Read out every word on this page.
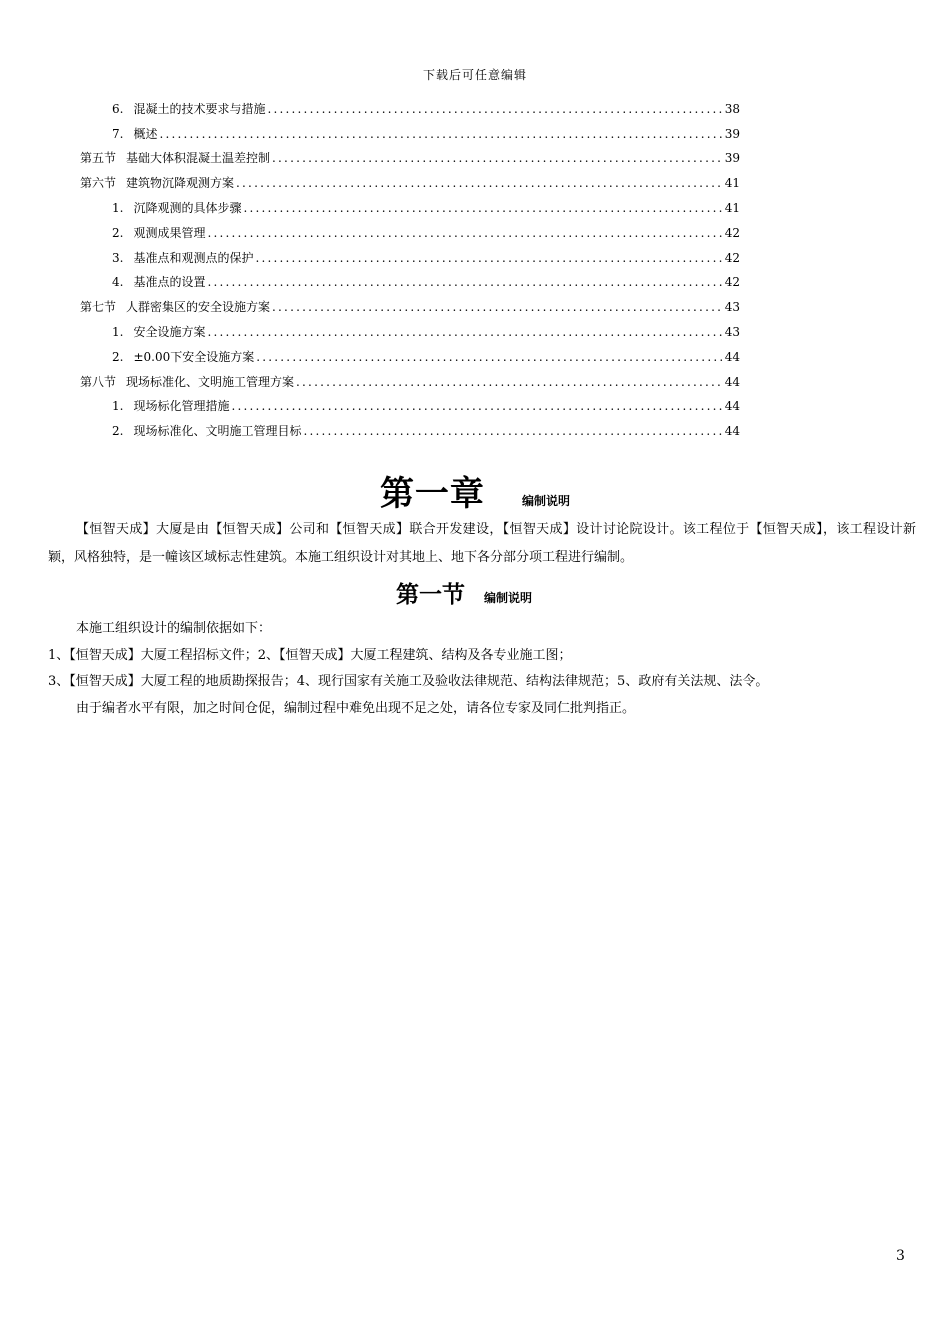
下载后可任意编辑
6. 混凝土的技术要求与措施 .....	38
7. 概述 .....	39
第五节 基础大体积混凝土温差控制 .....	39
第六节 建筑物沉降观测方案 .....	41
1. 沉降观测的具体步骤 .....	41
2. 观测成果管理 .....	42
3. 基准点和观测点的保护 .....	42
4. 基准点的设置 .....	42
第七节 人群密集区的安全设施方案 .....	43
1. 安全设施方案 .....	43
2. ±0.00下安全设施方案 .....	44
第八节 现场标准化、文明施工管理方案 .....	44
1. 现场标化管理措施 .....	44
2. 现场标准化、文明施工管理目标 .....	44
第一章	编制说明
【恒智天成】大厦是由【恒智天成】公司和【恒智天成】联合开发建设，【恒智天成】设计讨论院设计。该工程位于【恒智天成】，该工程设计新颖，风格独特，是一幢该区域标志性建筑。本施工组织设计对其地上、地下各分部分项工程进行编制。
第一节 编制说明
本施工组织设计的编制依据如下：
1、【恒智天成】大厦工程招标文件；2、【恒智天成】大厦工程建筑、结构及各专业施工图；
3、【恒智天成】大厦工程的地质勘探报告；4、现行国家有关施工及验收法律规范、结构法律规范；5、政府有关法规、法令。
由于编者水平有限，加之时间仓促，编制过程中难免出现不足之处，请各位专家及同仁批判指正。
3
